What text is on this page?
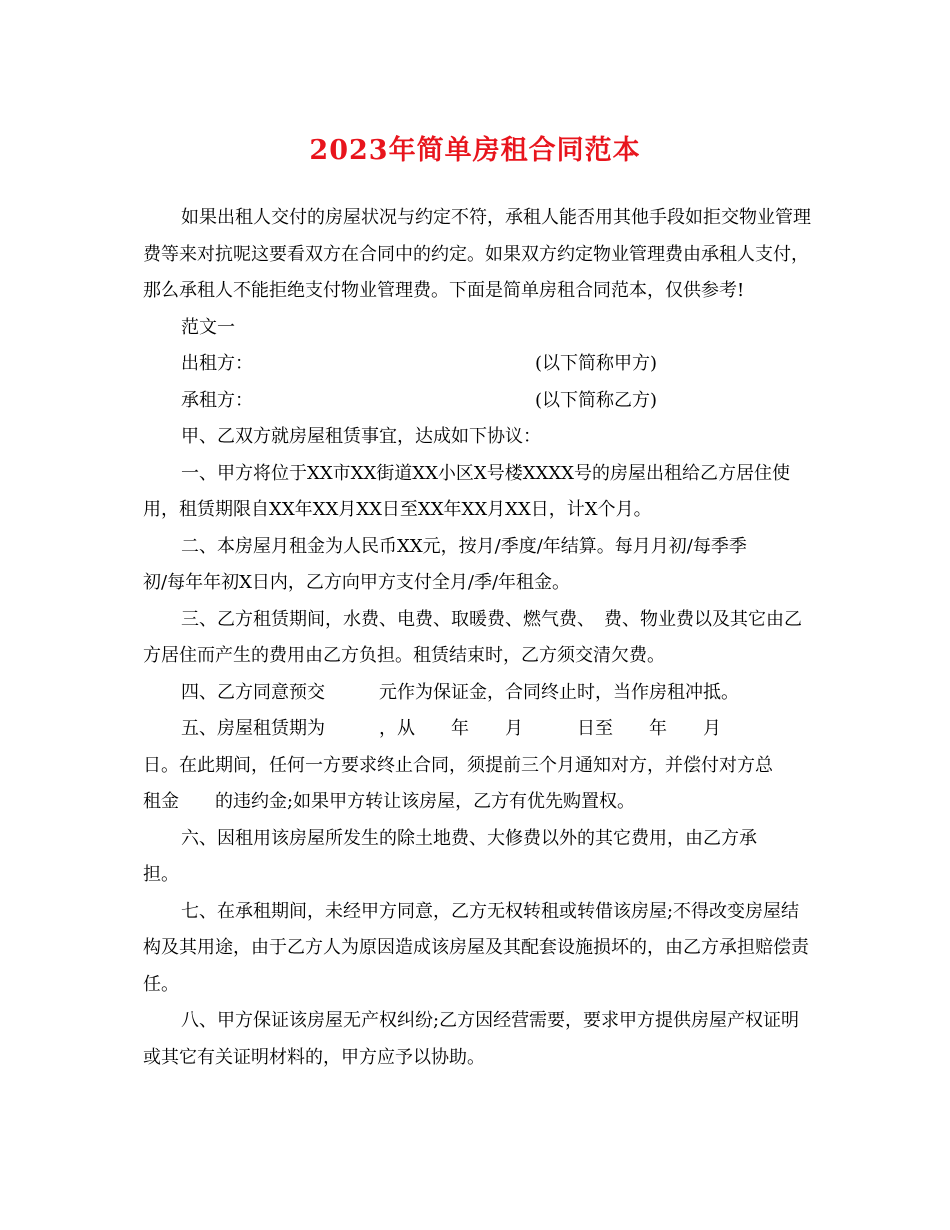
2023年简单房租合同范本

如果出租人交付的房屋状况与约定不符，承租人能否用其他手段如拒交物业管理费等来对抗呢这要看双方在合同中的约定。如果双方约定物业管理费由承租人支付，那么承租人不能拒绝支付物业管理费。下面是简单房租合同范本，仅供参考!

范文一

出租方：	(以下简称甲方)
承租方：	(以下简称乙方)

甲、乙双方就房屋租赁事宜，达成如下协议：

一、甲方将位于XX市XX街道XX小区X号楼XXXX号的房屋出租给乙方居住使用，租赁期限自XX年XX月XX日至XX年XX月XX日，计X个月。

二、本房屋月租金为人民币XX元，按月/季度/年结算。每月月初/每季季
初/每年年初X日内，乙方向甲方支付全月/季/年租金。

三、乙方租赁期间，水费、电费、取暖费、燃气费、　费、物业费以及其它由乙方居住而产生的费用由乙方负担。租赁结束时，乙方须交清欠费。

四、乙方同意预交　　　元作为保证金，合同终止时，当作房租冲抵。

五、房屋租赁期为　　　，从　　年　　月　　　日至　　年　　月
日。在此期间，任何一方要求终止合同，须提前三个月通知对方，并偿付对方总
租金　　的违约金;如果甲方转让该房屋，乙方有优先购置权。

六、因租用该房屋所发生的除土地费、大修费以外的其它费用，由乙方承
担。

七、在承租期间，未经甲方同意，乙方无权转租或转借该房屋;不得改变房屋结构及其用途，由于乙方人为原因造成该房屋及其配套设施损坏的，由乙方承担赔偿责任。

八、甲方保证该房屋无产权纠纷;乙方因经营需要，要求甲方提供房屋产权证明或其它有关证明材料的，甲方应予以协助。
